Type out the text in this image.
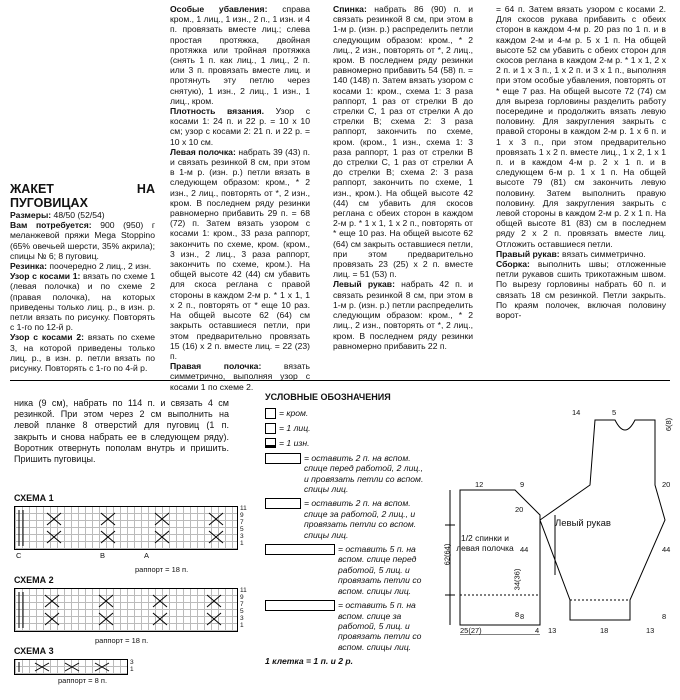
ЖАКЕТ НА ПУГОВИЦАХ

Размеры: 48/50 (52/54)

Вам потребуется: 900 (950) г меланжевой пряжи Mega Stoppino (65% овечьей шерсти, 35% акрила); спицы № 6; 8 пуговиц.

Резинка: поочередно 2 лиц., 2 изн.

Узор с косами 1: вязать по схеме 1 (левая полочка) и по схеме 2 (правая полочка), на которых приведены только лиц. р., в изн. р. петли вязать по рисунку. Повторять с 1-го по 12-й р.

Узор с косами 2: вязать по схеме 3, на которой приведены только лиц. р., в изн. р. петли вязать по рисунку. Повторять с 1-го по 4-й р.

Особые убавления: справа кром., 1 лиц., 1 изн., 2 п., 1 изн. и 4 п. провязать вместе лиц.; слева простая протяжка, двойная протяжка или тройная протяжка (снять 1 п. как лиц., 1 лиц., 2 п. или 3 п. провязать вместе лиц. и протянуть эту петлю через снятую), 1 изн., 2 лиц., 1 изн., 1 лиц., кром.

Плотность вязания. Узор с косами 1: 24 п. и 22 р. = 10 х 10 см; узор с косами 2: 21 п. и 22 р. = 10 х 10 см.

Левая полочка: набрать 39 (43) п. и связать резинкой 8 см, при этом в 1-м р. (изн. р.) петли вязать в следующем образом: кром., * 2 изн., 2 лиц., повторять от *, 2 изн., кром. В последнем ряду резинки равномерно прибавить 29 п. = 68 (72) п. Затем вязать узором с косами 1: кром., 33 раза раппорт, закончить по схеме, кром. (кром., 3 изн., 2 лиц., 3 раза раппорт, закончить по схеме, кром.). На общей высоте 42 (44) см убавить для скоса реглана с правой стороны в каждом 2-м р. * 1 х 1, 1 х 2 п., повторять от * еще 10 раз. На общей высоте 62 (64) см закрыть оставшиеся петли, при этом предварительно провязать 15 (16) х 2 п. вместе лиц. = 22 (23) п.

Правая полочка:	вязать симметрично, выполняя узор с косами 1 по схеме 2.

Спинка: набрать 86 (90) п. и связать резинкой 8 см, при этом в 1-м р. (изн. р.) распределить петли следующим образом: кром., * 2 лиц., 2 изн., повторять от *, 2 лиц., кром. В последнем ряду резинки равномерно прибавить 54 (58) п. = 140 (148) п. Затем вязать узором с косами 1: кром., схема 1: 3 раза раппорт, 1 раз от стрелки B до стрелки C, 1 раз от стрелки A до стрелки B; схема 2: 3 раза раппорт, закончить по схеме, кром. (кром., 1 изн., схема 1: 3 раза раппорт, 1 раз от стрелки B до стрелки C, 1 раз от стрелки A до стрелки B; схема 2: 3 раза раппорт, закончить по схеме, 1 изн., кром.). На общей высоте 42 (44) см убавить для скосов реглана с обеих сторон в каждом 2-м р. * 1 х 1, 1 х 2 п., повторять от * еще 10 раз. На общей высоте 62 (64) см закрыть оставшиеся петли, при этом предварительно провязать 23 (25) х 2 п. вместе лиц. = 51 (53) п.

Левый рукав: набрать 42 п. и связать резинкой 8 см, при этом в 1-м р. (изн. р.) петли распределить следующим образом: кром., * 2 лиц., 2 изн., повторять от *, 2 лиц., кром. В последнем ряду резинки равномерно прибавить 22 п.

= 64 п. Затем вязать узором с косами 2. Для скосов рукава прибавить с обеих сторон в каждом 4-м р. 20 раз по 1 п. и в каждом 2-м и 4-м р. 5 х 1 п. На общей высоте 52 см убавить с обеих сторон для скосов реглана в каждом 2-м р. * 1 х 1, 2 х 2 п. и 1 х 3 п., 1 х 2 п. и 3 х 1 п., выполняя при этом особые убавления, повторять от * еще 7 раз. На общей высоте 72 (74) см для выреза горловины разделить работу посередине и продолжить вязать левую половину. Для закругления закрыть с правой стороны в каждом 2-м р. 1 х 6 п. и 1 х 3 п., при этом предварительно провязать 1 х 2 п. вместе лиц., 1 х 2, 1 х 1 п. и в каждом 4-м р. 2 х 1 п. и в следующем 6-м р. 1 х 1 п. На общей высоте 79 (81) см закончить левую половину. Затем выполнить правую половину. Для закругления закрыть с левой стороны в каждом 2-м р. 2 х 1 п. На общей высоте 81 (83) см в последнем ряду 2 х 2 п. провязать вместе лиц. Отложить оставшиеся петли.

Правый рукав: вязать симметрично.

Сборка: выполнить швы; отложенные петли рукавов сшить трикотажным швом. По вырезу горловины набрать 60 п. и связать 18 см резинкой. Петли закрыть. По краям полочек, включая половину ворот-

ника (9 см), набрать по 114 п. и связать 4 см резинкой. При этом через 2 см выполнить на левой планке 8 отверстий для пуговиц (1 п. закрыть и снова набрать ее в следующем ряду). Воротник отвернуть пополам внутрь и пришить. Пришить пуговицы.

СХЕМА 1
11
9
7
5
3
1
C	B	A
раппорт = 18 п.
СХЕМА 2
11
9
7
5
3
1
раппорт = 18 п.
СХЕМА 3
3
1
раппорт = 8 п.
УСЛОВНЫЕ ОБОЗНАЧЕНИЯ
= кром.
= 1 лиц.
= 1 изн.
= оставить 2 п. на вспом. спице перед работой, 2 лиц., и провязать петли со вспом. спицы лиц.
= оставить 2 п. на вспом. спице за работой, 2 лиц., и провязать петли со вспом. спицы лиц.
= оставить 5 п. на вспом. спице перед работой, 5 лиц. и провязать петли со вспом. спицы лиц.
= оставить 5 п. на вспом. спице за работой, 5 лиц. и провязать петли со вспом. спицы лиц.
1 клетка = 1 п. и 2 р.
1/2 спинки и левая полочка
Левый рукав
62(64)
34(36)
20
8
25(27)
9
12
14	5
6(8)
44
20
8
13	13
4	18
8
44
